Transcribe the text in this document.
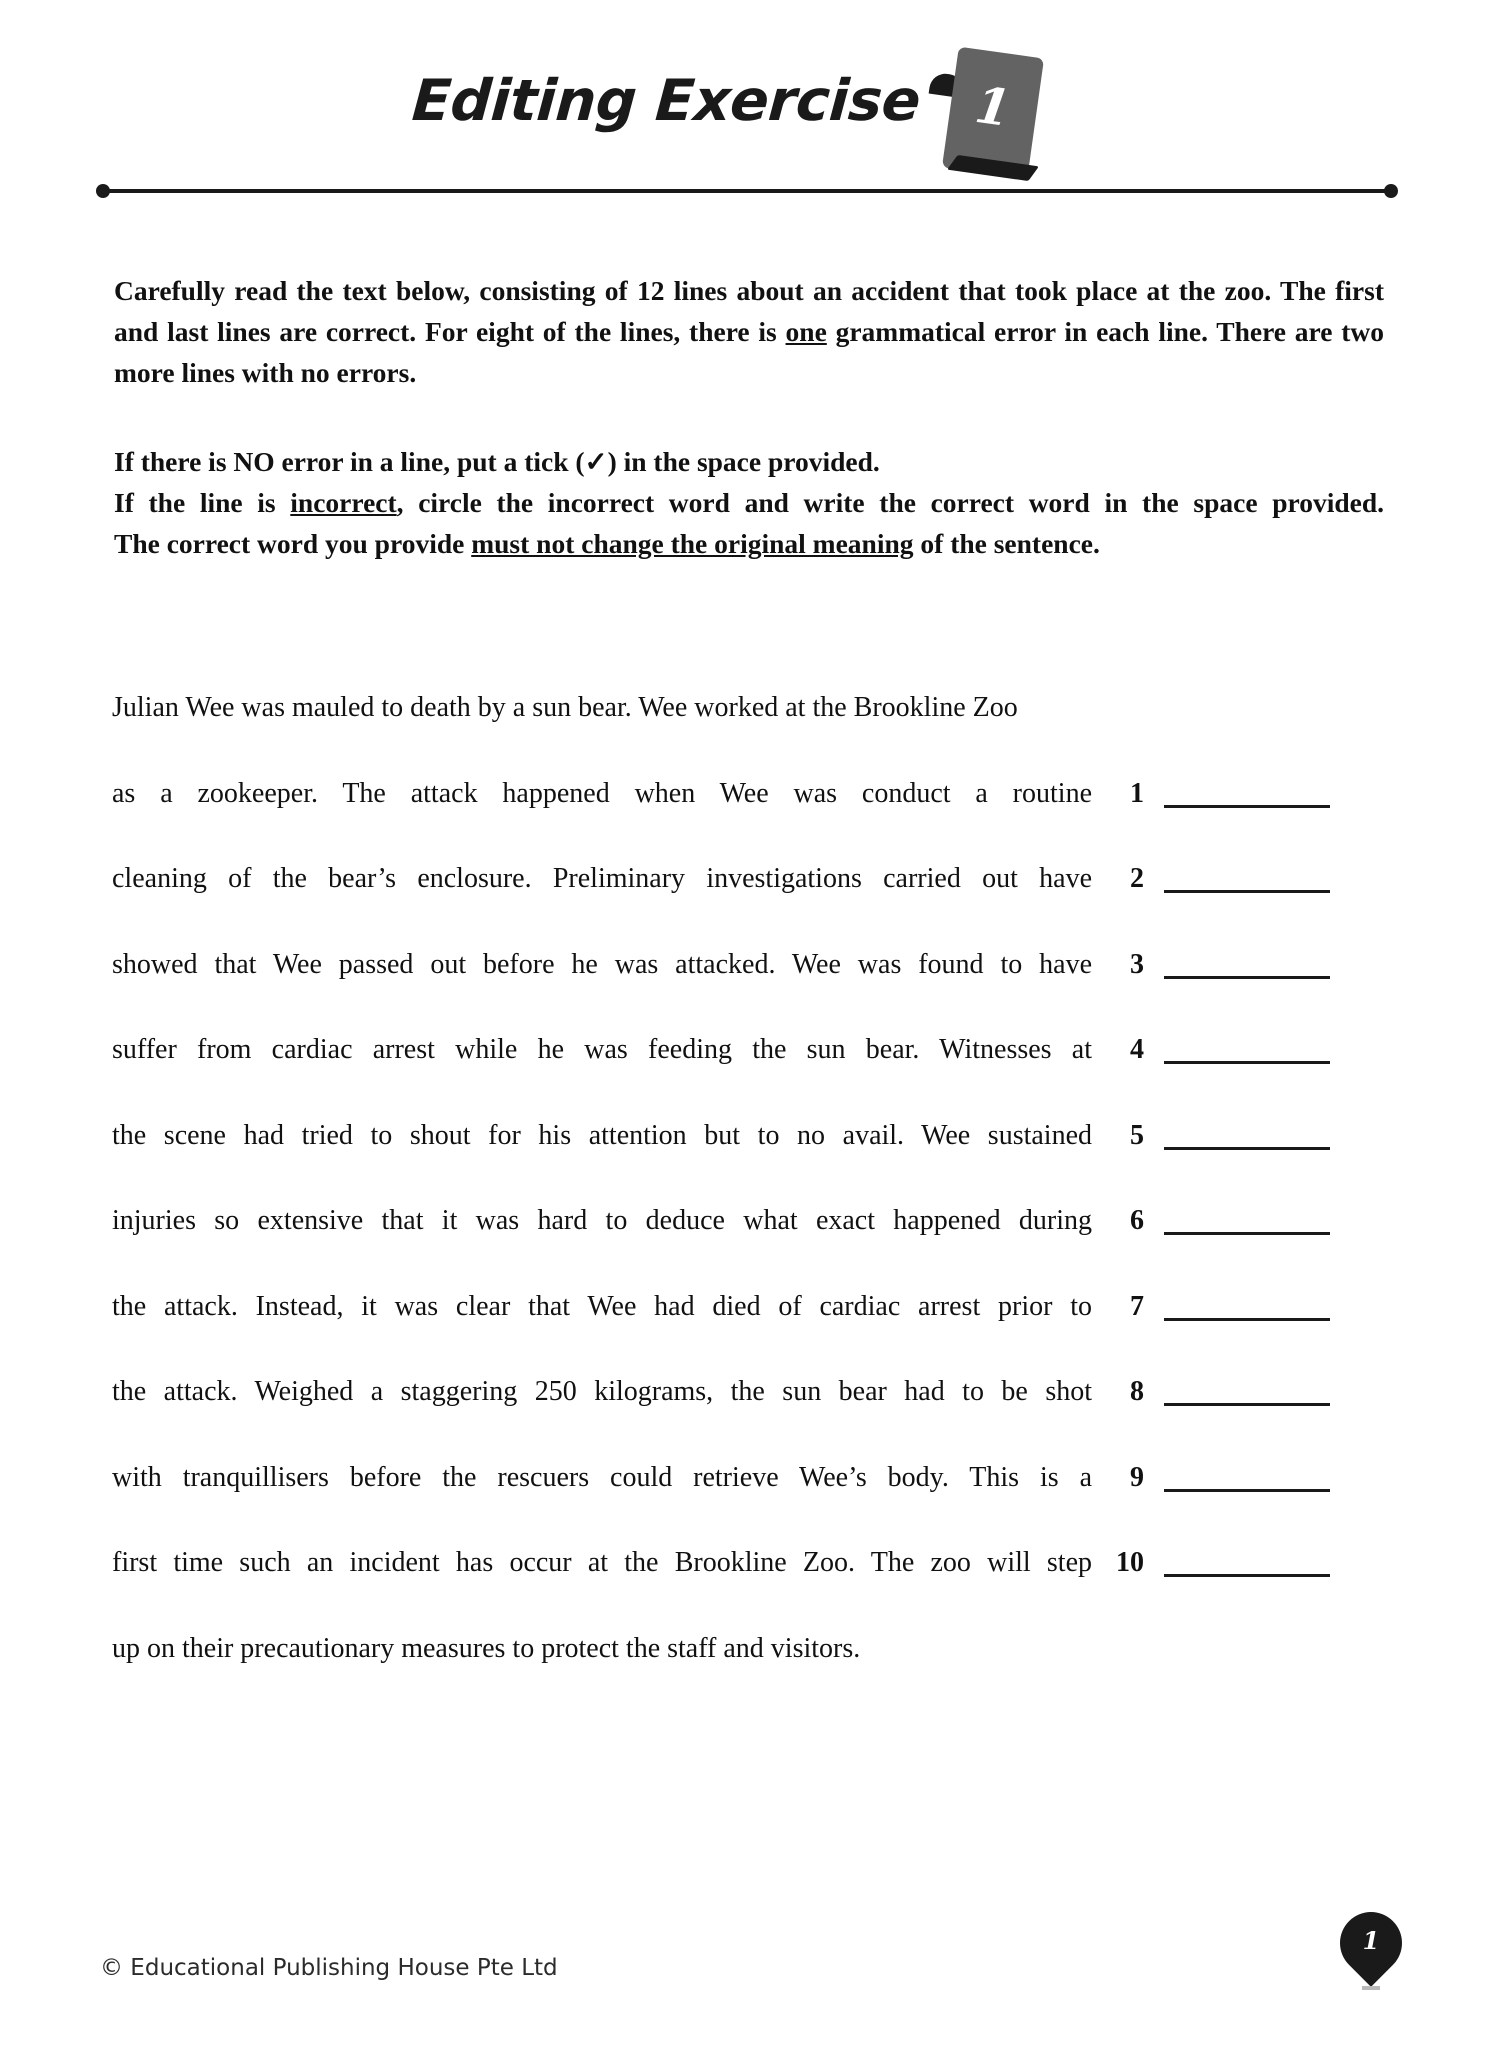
Editing Exercise 1

Carefully read the text below, consisting of 12 lines about an accident that took place at the zoo. The first and last lines are correct. For eight of the lines, there is one grammatical error in each line. There are two more lines with no errors.

If there is NO error in a line, put a tick (✓) in the space provided.
If the line is incorrect, circle the incorrect word and write the correct word in the space provided.
The correct word you provide must not change the original meaning of the sentence.
Julian Wee was mauled to death by a sun bear. Wee worked at the Brookline Zoo
as a zookeeper. The attack happened when Wee was conduct a routine	1
cleaning of the bear’s enclosure. Preliminary investigations carried out have	2
showed that Wee passed out before he was attacked. Wee was found to have	3
suffer from cardiac arrest while he was feeding the sun bear. Witnesses at	4
the scene had tried to shout for his attention but to no avail. Wee sustained	5
injuries so extensive that it was hard to deduce what exact happened during	6
the attack. Instead, it was clear that Wee had died of cardiac arrest prior to	7
the attack. Weighed a staggering 250 kilograms, the sun bear had to be shot	8
with tranquillisers before the rescuers could retrieve Wee’s body. This is a	9
first time such an incident has occur at the Brookline Zoo. The zoo will step 10
up on their precautionary measures to protect the staff and visitors.
© Educational Publishing House Pte Ltd
1
